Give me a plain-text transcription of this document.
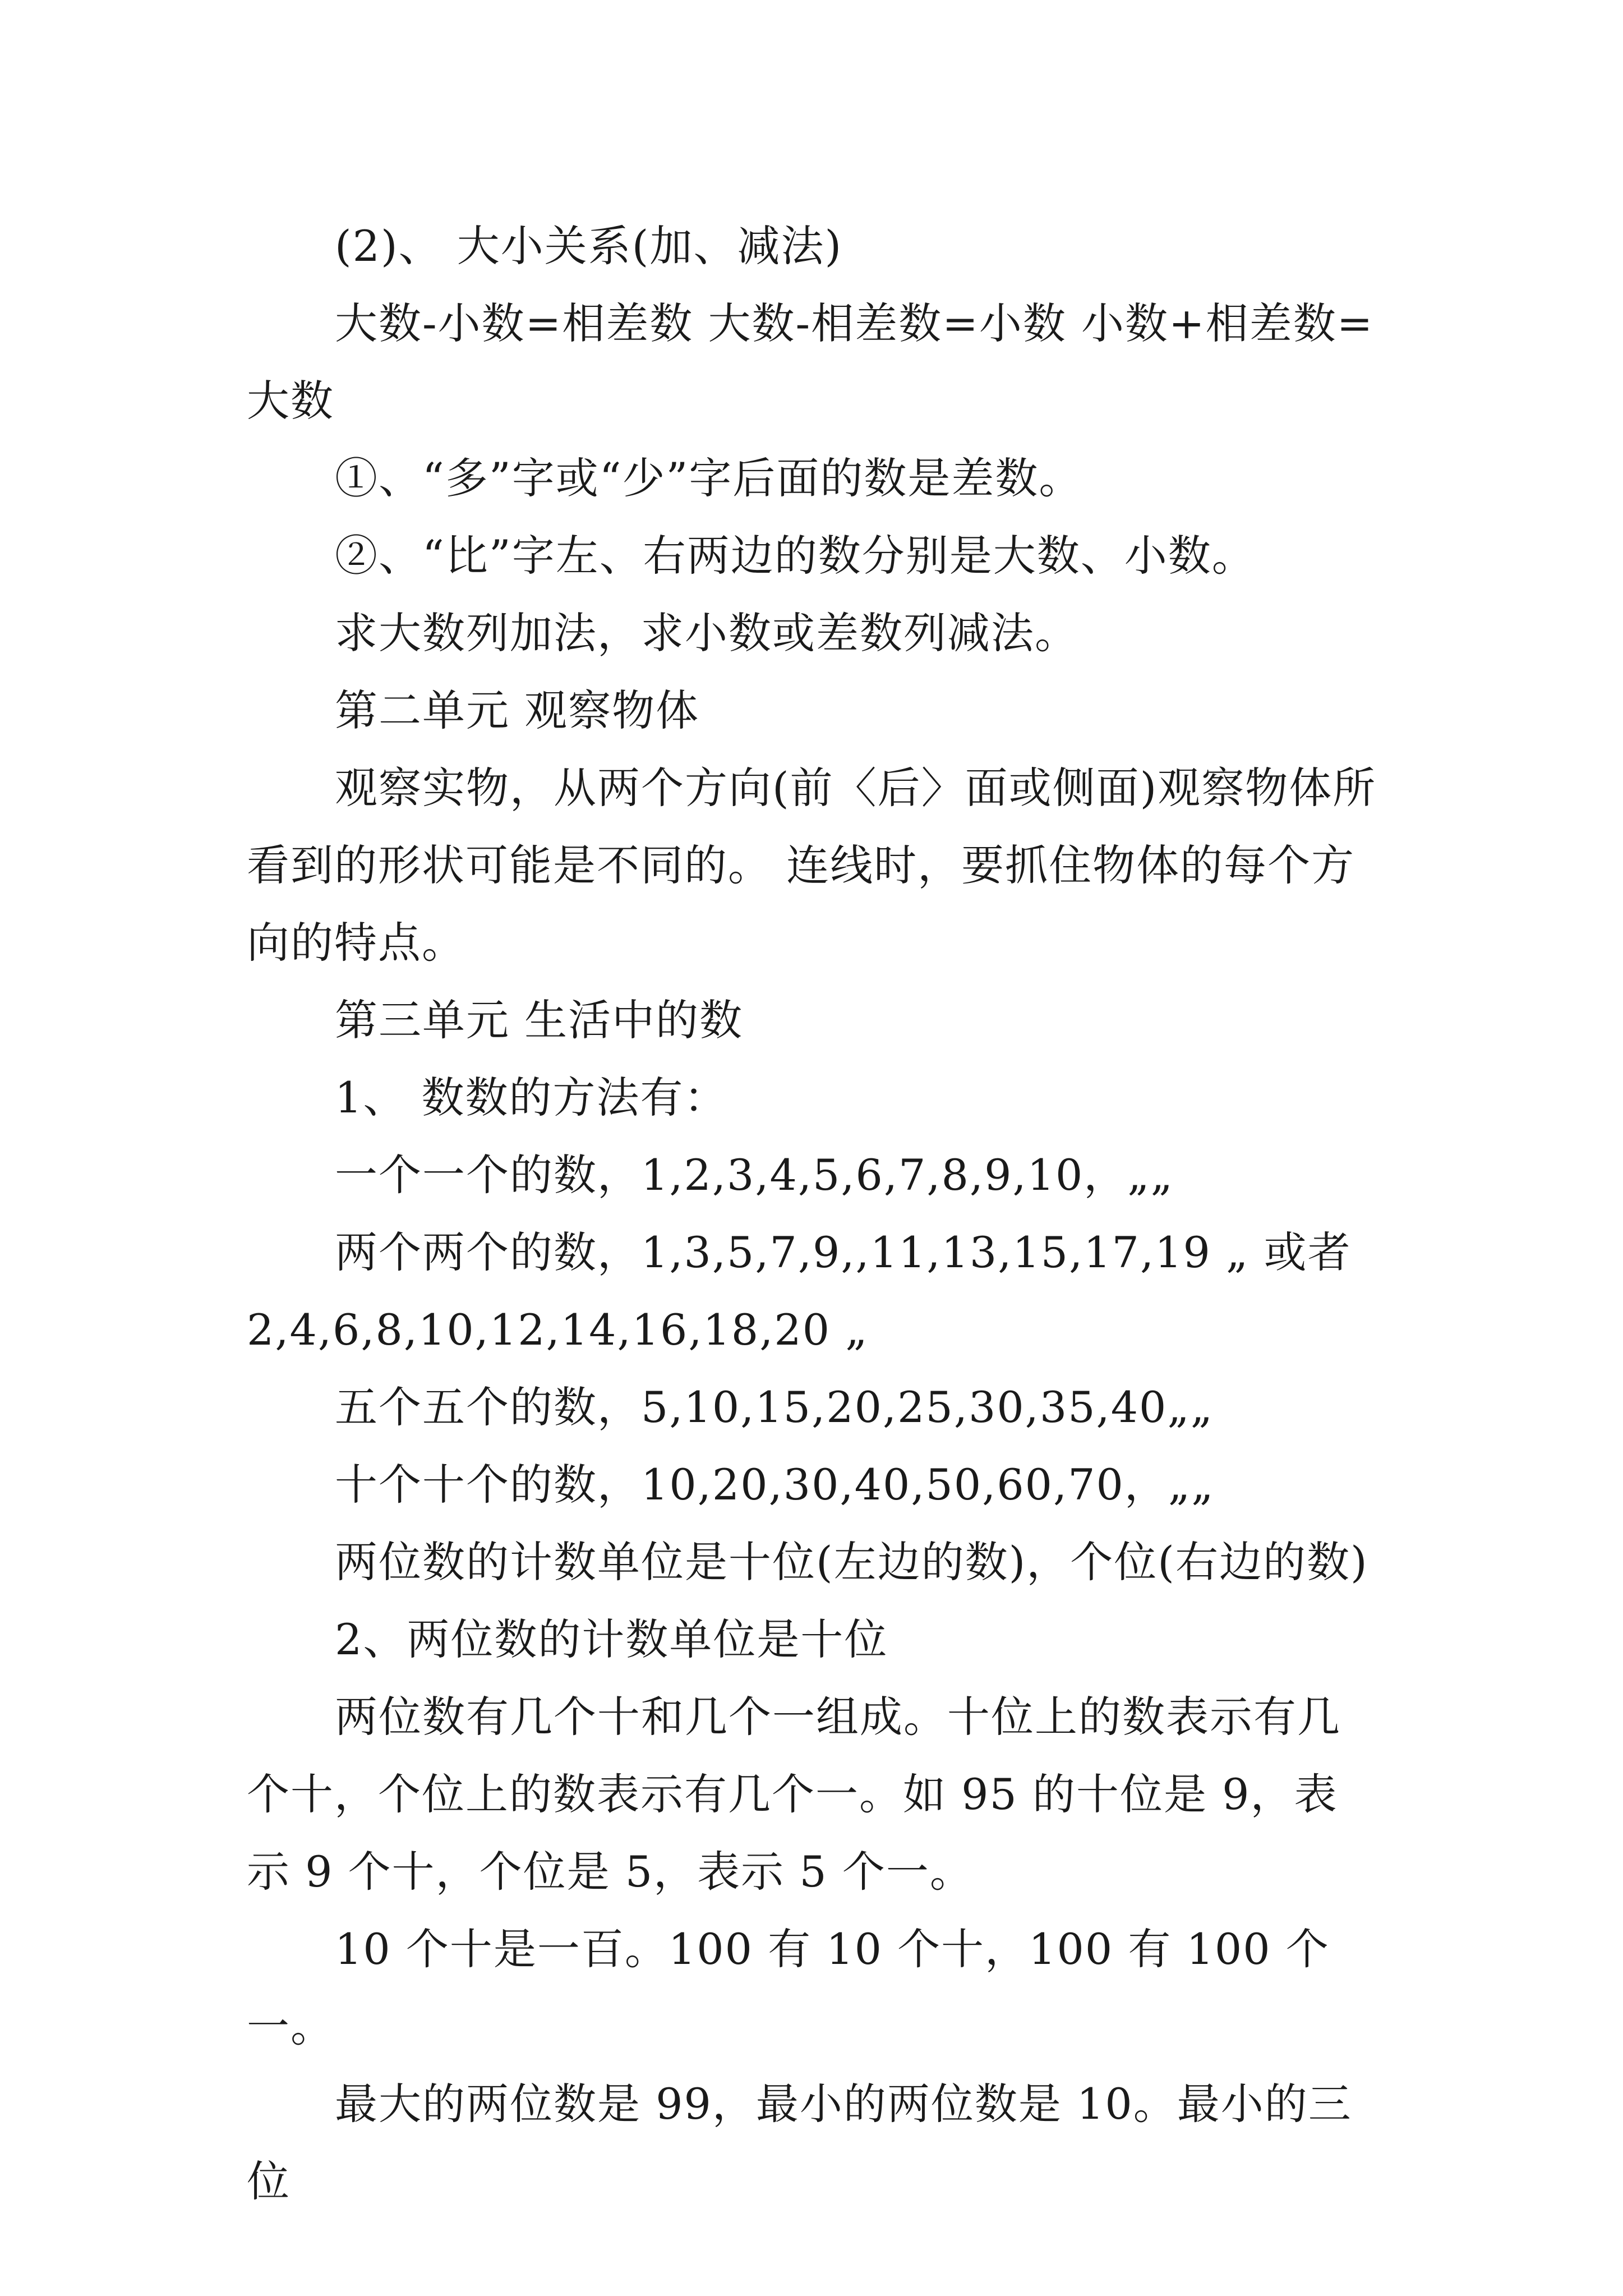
(2)、 大小关系(加、减法)

大数-小数=相差数 大数-相差数=小数 小数+相差数=大数

①、“多”字或“少”字后面的数是差数。

②、“比”字左、右两边的数分别是大数、小数。

求大数列加法，求小数或差数列减法。

第二单元 观察物体

观察实物，从两个方向(前〈后〉面或侧面)观察物体所看到的形状可能是不同的。 连线时，要抓住物体的每个方向的特点。

第三单元 生活中的数

1、 数数的方法有：

一个一个的数，1,2,3,4,5,6,7,8,9,10，„„

两个两个的数，1,3,5,7,9,,11,13,15,17,19 „ 或者2,4,6,8,10,12,14,16,18,20 „

五个五个的数，5,10,15,20,25,30,35,40„„

十个十个的数，10,20,30,40,50,60,70，„„

两位数的计数单位是十位(左边的数)，个位(右边的数)

2、两位数的计数单位是十位

两位数有几个十和几个一组成。十位上的数表示有几个十，个位上的数表示有几个一。如 95 的十位是 9，表示 9 个十，个位是 5，表示 5 个一。

10 个十是一百。100 有 10 个十，100 有 100 个一。

最大的两位数是 99，最小的两位数是 10。最小的三位
